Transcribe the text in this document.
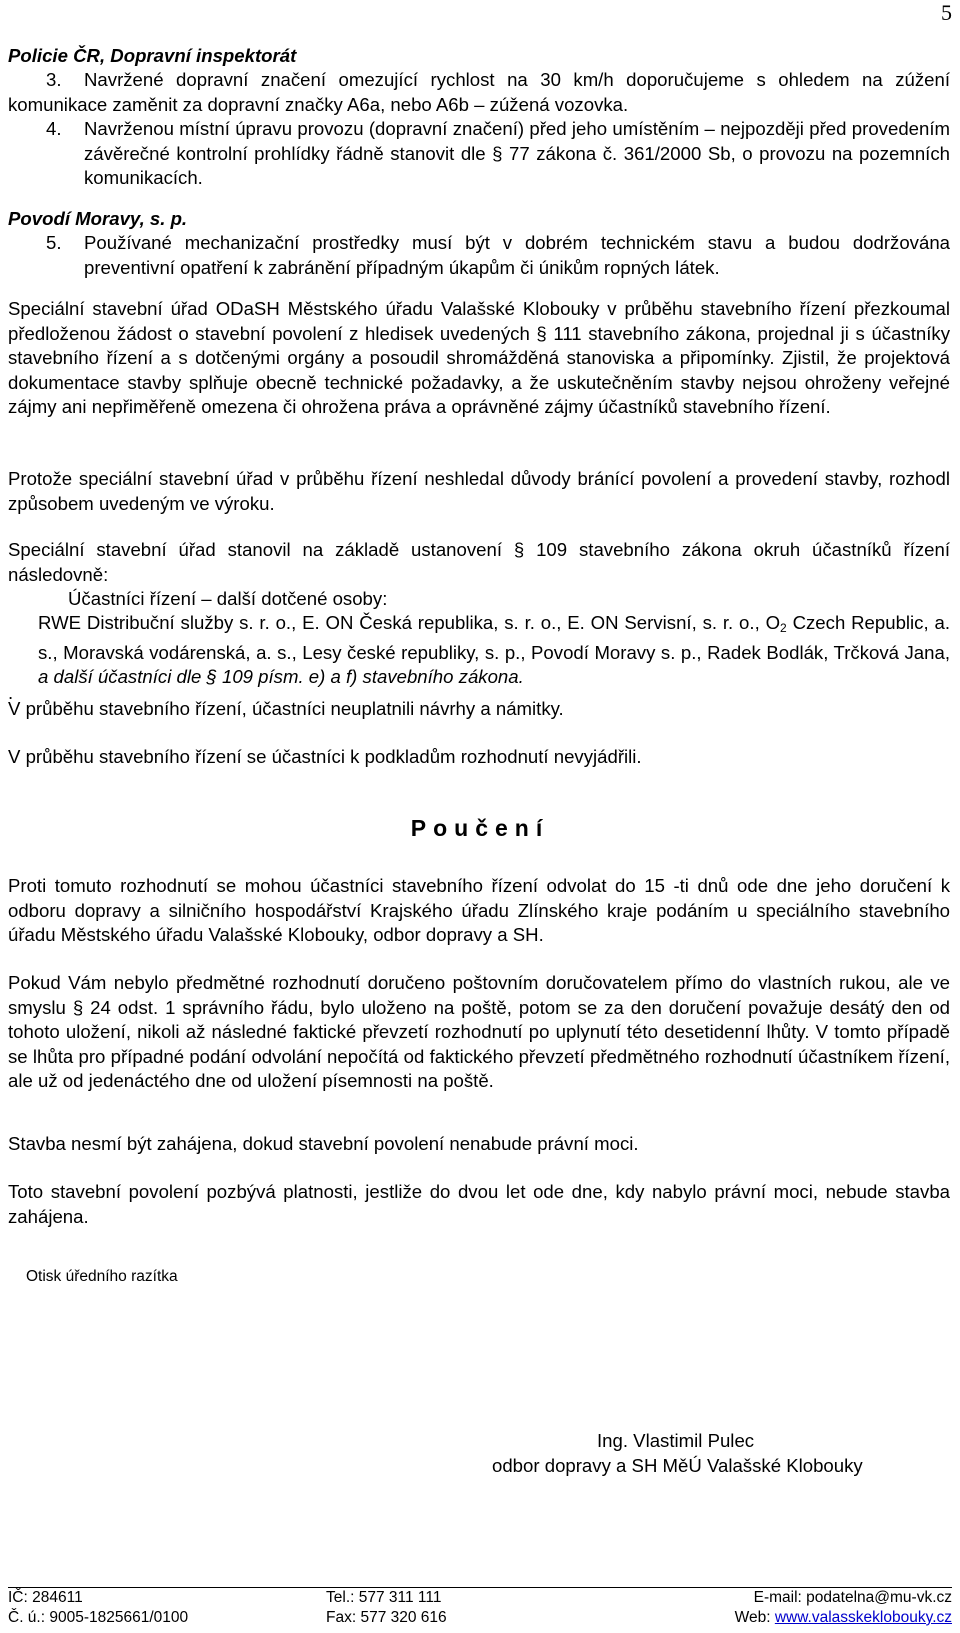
5
Policie ČR, Dopravní inspektorát
3.	Navržené dopravní značení omezující rychlost na 30 km/h doporučujeme s ohledem na zúžení komunikace zaměnit za dopravní značky A6a, nebo A6b – zúžená vozovka.
4. Navrženou místní úpravu provozu (dopravní značení) před jeho umístěním – nejpozději před provedením závěrečné kontrolní prohlídky řádně stanovit dle § 77 zákona č. 361/2000 Sb, o provozu na pozemních komunikacích.
Povodí Moravy, s. p.
5. Používané mechanizační prostředky musí být v dobrém technickém stavu a budou dodržována preventivní opatření k zabránění případným úkapům či únikům ropných látek.
Speciální stavební úřad ODaSH Městského úřadu Valašské Klobouky v průběhu stavebního řízení přezkoumal předloženou žádost o stavební povolení z hledisek uvedených § 111 stavebního zákona, projednal ji s účastníky stavebního řízení a s dotčenými orgány a posoudil shromážděná stanoviska a připomínky. Zjistil, že projektová dokumentace stavby splňuje obecně technické požadavky, a že uskutečněním stavby nejsou ohroženy veřejné zájmy ani nepřiměřeně omezena či ohrožena práva a oprávněné zájmy účastníků stavebního řízení.
Protože speciální stavební úřad v průběhu řízení neshledal důvody bránící povolení a provedení stavby, rozhodl způsobem uvedeným ve výroku.
Speciální stavební úřad stanovil na základě ustanovení § 109 stavebního zákona okruh účastníků řízení následovně:
Účastníci řízení – další dotčené osoby:
RWE Distribuční služby s. r. o., E. ON Česká republika, s. r. o., E. ON Servisní, s. r. o., $O_2$ Czech Republic, a. s., Moravská vodárenská, a. s., Lesy české republiky, s. p., Povodí Moravy s. p., Radek Bodlák, Trčková Jana, a další účastníci dle § 109 písm. e) a f) stavebního zákona.
.
V průběhu stavebního řízení, účastníci neuplatnili návrhy a námitky.
V průběhu stavebního řízení se účastníci k podkladům rozhodnutí nevyjádřili.
Poučení
Proti tomuto rozhodnutí se mohou účastníci stavebního řízení odvolat do 15 -ti dnů ode dne jeho doručení k odboru dopravy a silničního hospodářství Krajského úřadu Zlínského kraje podáním u speciálního stavebního úřadu Městského úřadu Valašské Klobouky, odbor dopravy a SH.
Pokud Vám nebylo předmětné rozhodnutí doručeno poštovním doručovatelem přímo do vlastních rukou, ale ve smyslu § 24 odst. 1 správního řádu, bylo uloženo na poště, potom se za den doručení považuje desátý den od tohoto uložení, nikoli až následné faktické převzetí rozhodnutí po uplynutí této desetidenní lhůty. V tomto případě se lhůta pro případné podání odvolání nepočítá od faktického převzetí předmětného rozhodnutí účastníkem řízení, ale už od jedenáctého dne od uložení písemnosti na poště.
Stavba nesmí být zahájena, dokud stavební povolení nenabude právní moci.
Toto stavební povolení pozbývá platnosti, jestliže do dvou let ode dne, kdy nabylo právní moci, nebude stavba zahájena.
Otisk úředního razítka
Ing. Vlastimil Pulec
odbor dopravy a SH MěÚ Valašské Klobouky
IČ: 284611
Č. ú.: 9005-1825661/0100
Tel.: 577 311 111
Fax: 577 320 616
E-mail: podatelna@mu-vk.cz
Web: www.valasskeklobouky.cz
